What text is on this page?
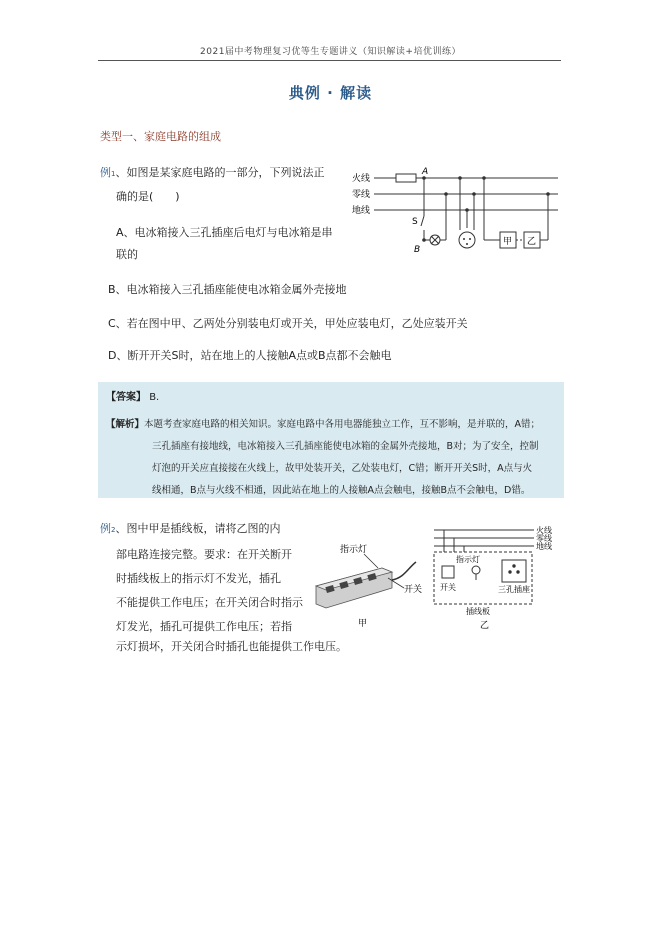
2021届中考物理复习优等生专题讲义（知识解读+培优训练）
典例 · 解读
类型一、家庭电路的组成
例1、如图是某家庭电路的一部分，下列说法正
确的是(　　)
A、电冰箱接入三孔插座后电灯与电冰箱是串
联的
B、电冰箱接入三孔插座能使电冰箱金属外壳接地
C、若在图中甲、乙两处分别装电灯或开关，甲处应装电灯，乙处应装开关
D、断开开关S时，站在地上的人接触A点或B点都不会触电
火线
零线
地线
A
B
S
甲 乙
【答案】 B.
【解析】本题考查家庭电路的相关知识。家庭电路中各用电器能独立工作，互不影响，是并联的，A错；
三孔插座有接地线，电冰箱接入三孔插座能使电冰箱的金属外壳接地，B对；为了安全，控制
灯泡的开关应直接接在火线上，故甲处装开关，乙处装电灯，C错；断开开关S时，A点与火
线相通，B点与火线不相通，因此站在地上的人接触A点会触电，接触B点不会触电，D错。
例2、图中甲是插线板，请将乙图的内
部电路连接完整。要求：在开关断开
时插线板上的指示灯不发光，插孔
不能提供工作电压；在开关闭合时指示
灯发光，插孔可提供工作电压；若指
示灯损坏，开关闭合时插孔也能提供工作电压。
指示灯
开关
甲
火线
零线
地线
指示灯
开关	三孔插座
插线板
乙
